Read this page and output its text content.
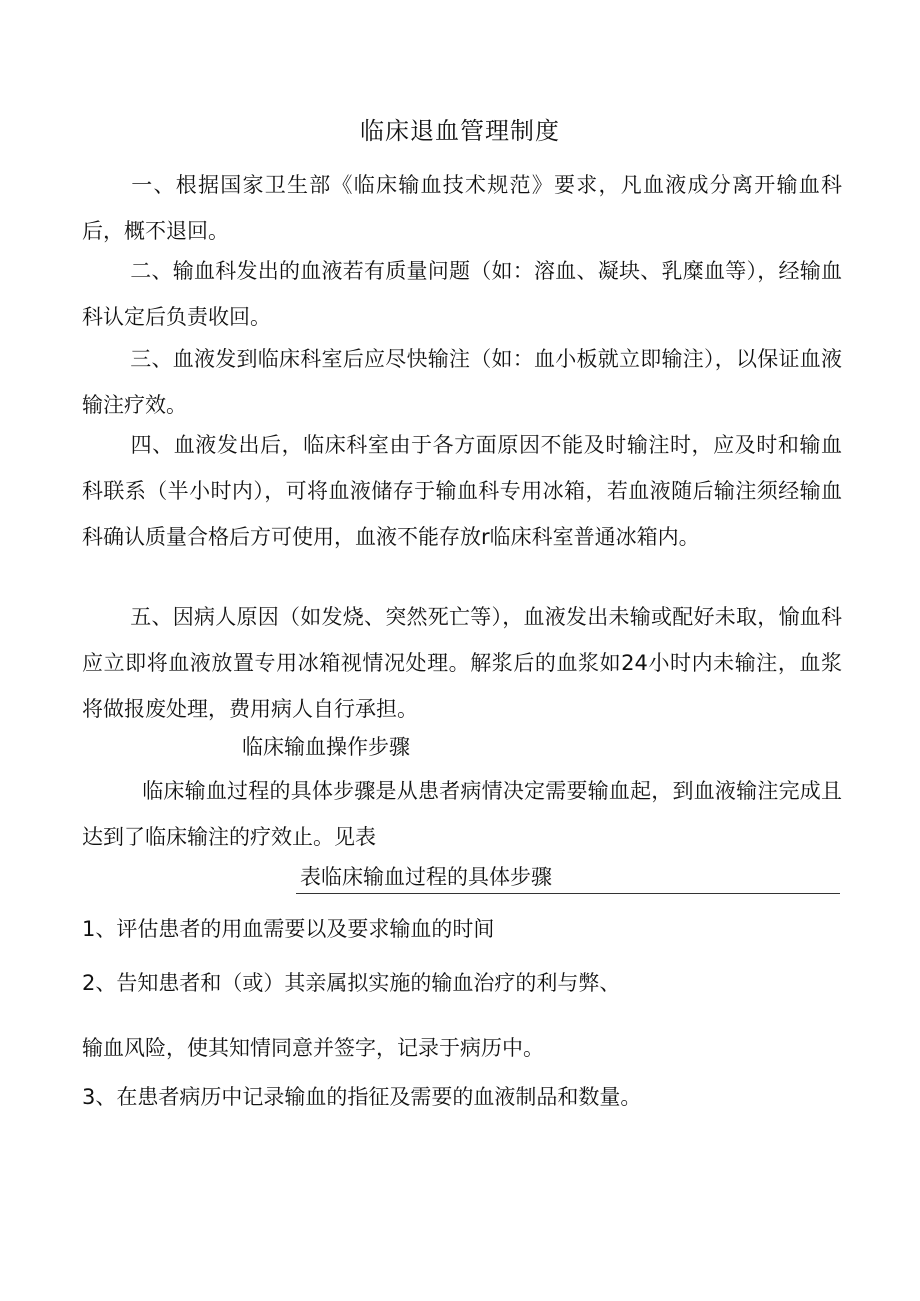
临床退血管理制度
一、根据国家卫生部《临床输血技术规范》要求，凡血液成分离开输血科后，概不退回。
二、输血科发出的血液若有质量问题（如：溶血、凝块、乳糜血等），经输血科认定后负责收回。
三、血液发到临床科室后应尽快输注（如：血小板就立即输注），以保证血液输注疗效。
四、血液发出后，临床科室由于各方面原因不能及时输注时，应及时和输血科联系（半小时内），可将血液储存于输血科专用冰箱，若血液随后输注须经输血科确认质量合格后方可使用，血液不能存放r临床科室普通冰箱内。
五、因病人原因（如发烧、突然死亡等），血液发出未输或配好未取，愉血科应立即将血液放置专用冰箱视情况处理。解浆后的血浆如24小时内未输注，血浆将做报废处理，费用病人自行承担。
临床输血操作步骤
临床输血过程的具体步骤是从患者病情决定需要输血起，到血液输注完成且达到了临床输注的疗效止。见表
表临床输血过程的具体步骤
1、评估患者的用血需要以及要求输血的时间
2、告知患者和（或）其亲属拟实施的输血治疗的利与弊、
输血风险，使其知情同意并签字，记录于病历中。
3、在患者病历中记录输血的指征及需要的血液制品和数量。
